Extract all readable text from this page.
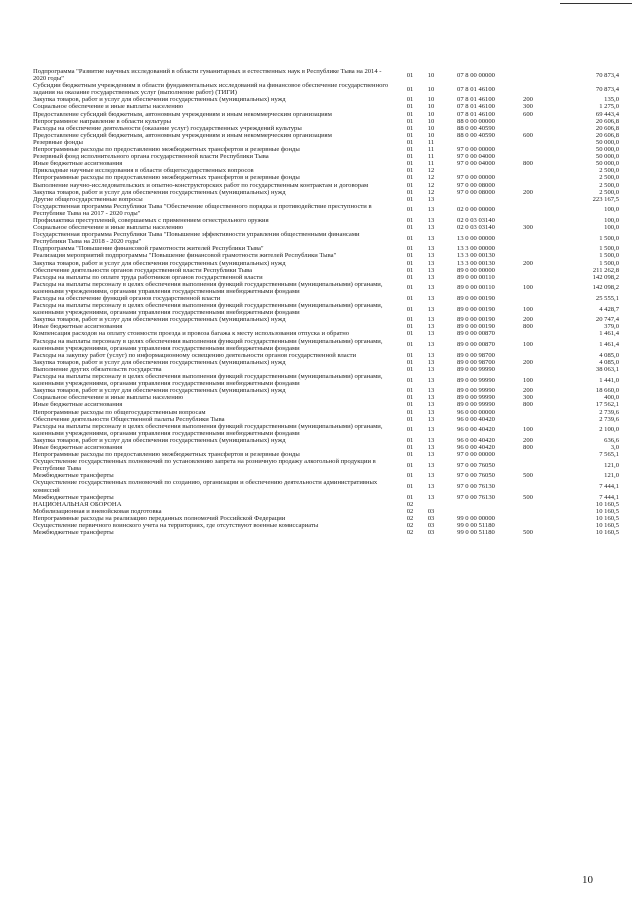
Подпрограмма "Развитие научных исследований в области гуманитарных и естественных наук в Республике Тыва на 2014 - 2020 годы"	01	10	07 8 00 00000		70 873,4
Субсидии бюджетным учреждениям в области фундаментальных исследований на финансовое обеспечение государственного задания на оказание государственных услуг (выполнение работ) (ТИГИ)	01	10	07 8 01 46100		70 873,4
Закупка товаров, работ и услуг для обеспечения государственных (муниципальных) нужд	01	10	07 8 01 46100	200	135,0
Социальное обеспечение и иные выплаты населению	01	10	07 8 01 46100	300	1 275,0
Предоставление субсидий бюджетным, автономным учреждениям и иным некоммерческим организациям	01	10	07 8 01 46100	600	69 443,4
Непрограммное направление в области культуры	01	10	88 0 00 00000		20 606,8
Расходы на обеспечение деятельности (оказание услуг) государственных учреждений культуры	01	10	88 0 00 40590		20 606,8
Предоставление субсидий бюджетным, автономным учреждениям и иным некоммерческим организациям	01	10	88 0 00 40590	600	20 606,8
Резервные фонды	01	11			50 000,0
Непрограммные расходы по предоставлению межбюджетных трансфертов и резервные фонды	01	11	97 0 00 00000		50 000,0
Резервный фонд исполнительного органа государственной власти Республики Тыва	01	11	97 0 00 04000		50 000,0
Иные бюджетные ассигнования	01	11	97 0 00 04000	800	50 000,0
Прикладные научные исследования в области общегосударственных вопросов	01	12			2 500,0
Непрограммные расходы по предоставлению межбюджетных трансфертов и резервные фонды	01	12	97 0 00 00000		2 500,0
Выполнение научно-исследовательских и опытно-конструкторских работ по государственным контрактам и договорам	01	12	97 0 00 08000		2 500,0
Закупка товаров, работ и услуг для обеспечения государственных (муниципальных) нужд	01	12	97 0 00 08000	200	2 500,0
Другие общегосударственные вопросы	01	13			223 167,5
Государственная программа Республики Тыва "Обеспечение общественного порядка и противодействие преступности в Республике Тыва на 2017 - 2020 годы"	01	13	02 0 00 00000		100,0
Профилактика преступлений, совершаемых с применением огнестрельного оружия	01	13	02 0 03 03140		100,0
Социальное обеспечение и иные выплаты населению	01	13	02 0 03 03140	300	100,0
Государственная программа Республики Тыва "Повышение эффективности управления общественными финансами Республики Тыва на 2018 - 2020 годы"	01	13	13 0 00 00000		1 500,0
Подпрограмма "Повышение финансовой грамотности жителей Республики Тыва"	01	13	13 3 00 00000		1 500,0
Реализация мероприятий подпрограммы "Повышение финансовой грамотности жителей Республики Тыва"	01	13	13 3 00 00130		1 500,0
Закупка товаров, работ и услуг для обеспечения государственных (муниципальных) нужд	01	13	13 3 00 00130	200	1 500,0
Обеспечение деятельности органов государственной власти Республики Тыва	01	13	89 0 00 00000		211 262,8
Расходы на выплаты по оплате труда работников органов государственной власти	01	13	89 0 00 00110		142 098,2
Расходы на выплаты персоналу в целях обеспечения выполнения функций государственными (муниципальными) органами, казенными учреждениями, органами управления государственными внебюджетными фондами	01	13	89 0 00 00110	100	142 098,2
Расходы на обеспечение функций органов государственной власти	01	13	89 0 00 00190		25 555,1
Расходы на выплаты персоналу в целях обеспечения выполнения функций государственными (муниципальными) органами, казенными учреждениями, органами управления государственными внебюджетными фондами	01	13	89 0 00 00190	100	4 428,7
Закупка товаров, работ и услуг для обеспечения государственных (муниципальных) нужд	01	13	89 0 00 00190	200	20 747,4
Иные бюджетные ассигнования	01	13	89 0 00 00190	800	379,0
Компенсация расходов на оплату стоимости проезда и провоза багажа к месту использования отпуска и обратно	01	13	89 0 00 00870		1 461,4
Расходы на выплаты персоналу в целях обеспечения выполнения функций государственными (муниципальными) органами, казенными учреждениями, органами управления государственными внебюджетными фондами	01	13	89 0 00 00870	100	1 461,4
Расходы на закупку работ (услуг) по информационному освещению деятельности органов государственной власти	01	13	89 0 00 98700		4 085,0
Закупка товаров, работ и услуг для обеспечения государственных (муниципальных) нужд	01	13	89 0 00 98700	200	4 085,0
Выполнение других обязательств государства	01	13	89 0 00 99990		38 063,1
Расходы на выплаты персоналу в целях обеспечения выполнения функций государственными (муниципальными) органами, казенными учреждениями, органами управления государственными внебюджетными фондами	01	13	89 0 00 99990	100	1 441,0
Закупка товаров, работ и услуг для обеспечения государственных (муниципальных) нужд	01	13	89 0 00 99990	200	18 660,0
Социальное обеспечение и иные выплаты населению	01	13	89 0 00 99990	300	400,0
Иные бюджетные ассигнования	01	13	89 0 00 99990	800	17 562,1
Непрограммные расходы по общегосударственным вопросам	01	13	96 0 00 00000		2 739,6
Обеспечение деятельности Общественной палаты Республики Тыва	01	13	96 0 00 40420		2 739,6
Расходы на выплаты персоналу в целях обеспечения выполнения функций государственными (муниципальными) органами, казенными учреждениями, органами управления государственными внебюджетными фондами	01	13	96 0 00 40420	100	2 100,0
Закупка товаров, работ и услуг для обеспечения государственных (муниципальных) нужд	01	13	96 0 00 40420	200	636,6
Иные бюджетные ассигнования	01	13	96 0 00 40420	800	3,0
Непрограммные расходы по предоставлению межбюджетных трансфертов и резервные фонды	01	13	97 0 00 00000		7 565,1
Осуществление государственных полномочий по установлению запрета на розничную продажу алкогольной продукции в Республике Тыва	01	13	97 0 00 76050		121,0
Межбюджетные трансферты	01	13	97 0 00 76050	500	121,0
Осуществление государственных полномочий по созданию, организации и обеспечению деятельности административных комиссий	01	13	97 0 00 76130		7 444,1
Межбюджетные трансферты	01	13	97 0 00 76130	500	7 444,1
НАЦИОНАЛЬНАЯ ОБОРОНА	02				10 160,5
Мобилизационная и вневойсковая подготовка	02	03			10 160,5
Непрограммные расходы на реализацию переданных полномочий Российской Федерации	02	03	99 0 00 00000		10 160,5
Осуществление первичного воинского учета на территориях, где отсутствуют военные комиссариаты	02	03	99 0 00 51180		10 160,5
Межбюджетные трансферты	02	03	99 0 00 51180	500	10 160,5
10
